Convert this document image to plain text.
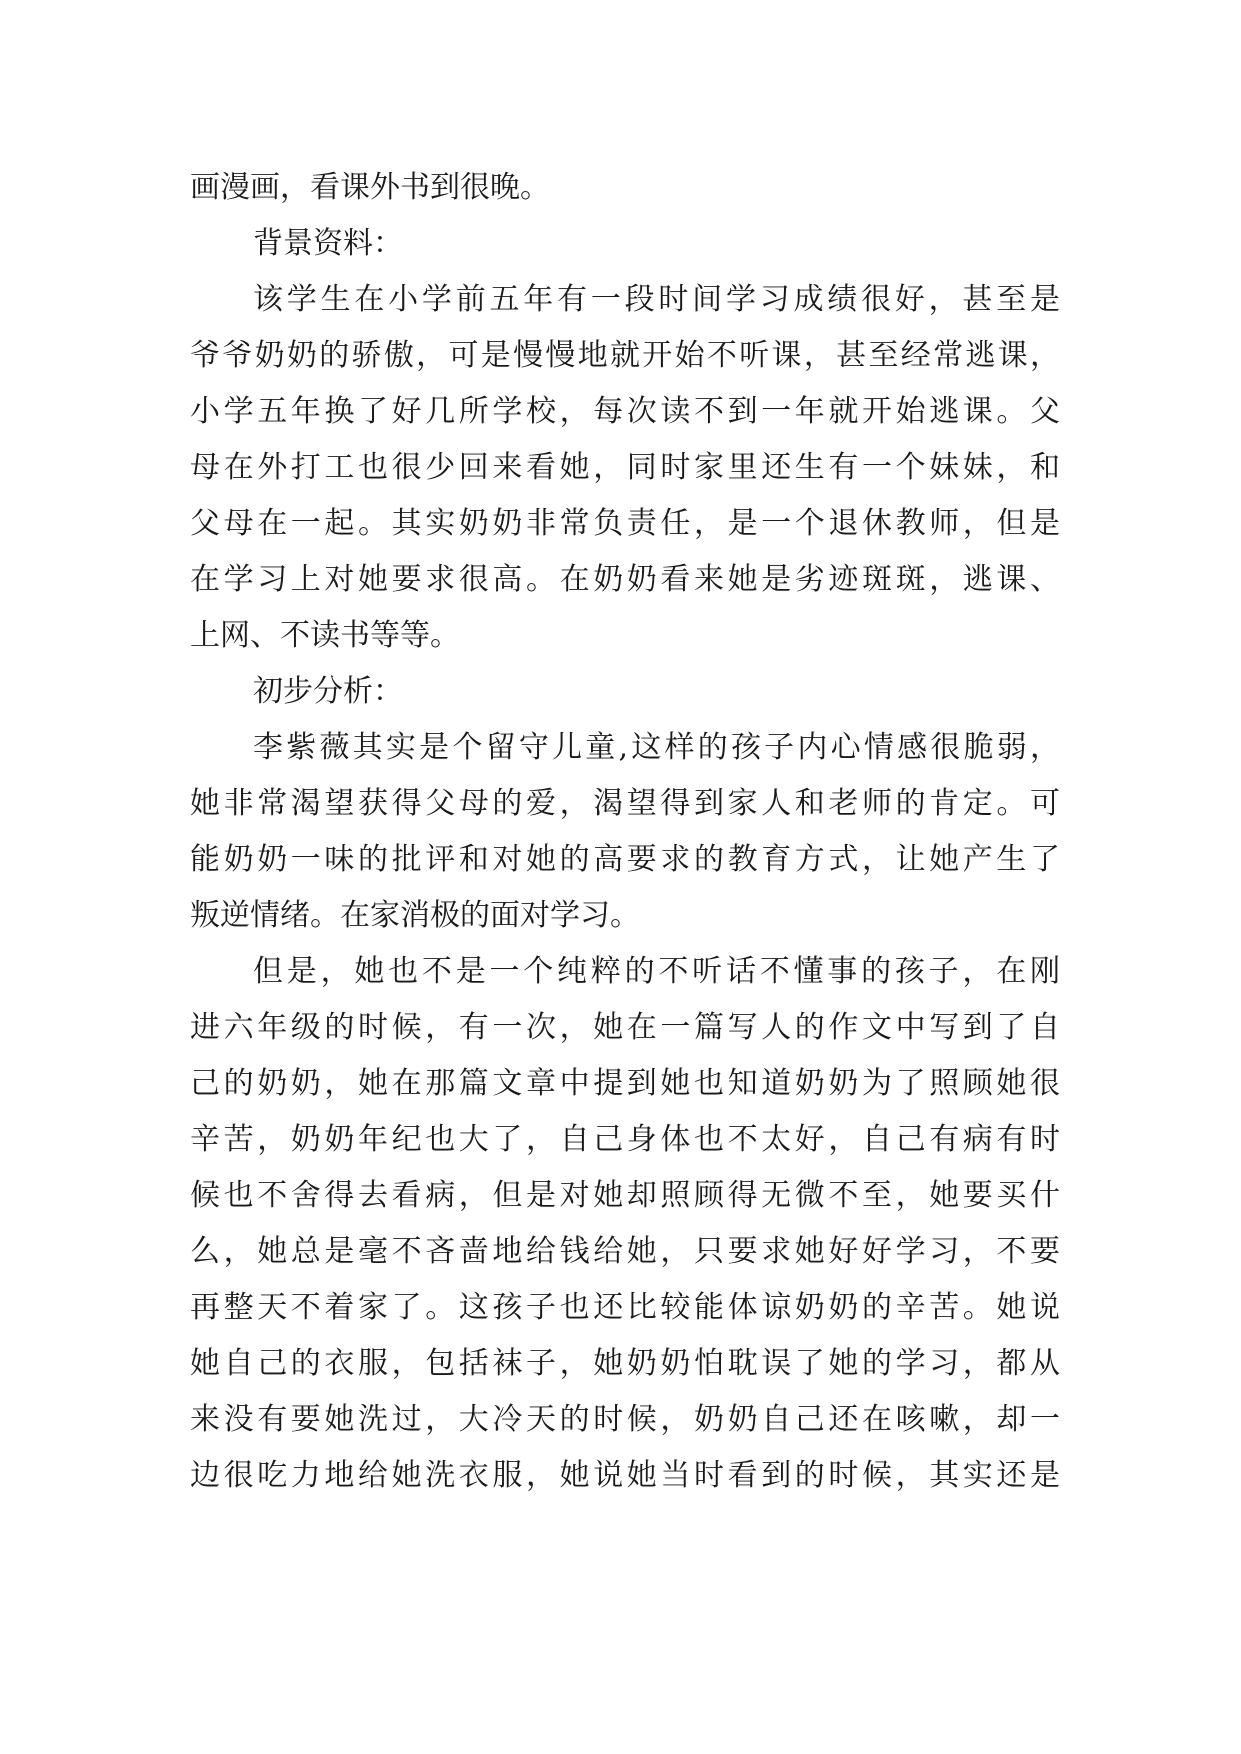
画漫画，看课外书到很晚。
背景资料：
该学生在小学前五年有一段时间学习成绩很好，甚至是
爷爷奶奶的骄傲，可是慢慢地就开始不听课，甚至经常逃课，
小学五年换了好几所学校，每次读不到一年就开始逃课。父
母在外打工也很少回来看她，同时家里还生有一个妹妹，和
父母在一起。其实奶奶非常负责任，是一个退休教师，但是
在学习上对她要求很高。在奶奶看来她是劣迹斑斑，逃课、
上网、不读书等等。
初步分析：
李紫薇其实是个留守儿童,这样的孩子内心情感很脆弱，
她非常渴望获得父母的爱，渴望得到家人和老师的肯定。可
能奶奶一味的批评和对她的高要求的教育方式，让她产生了
叛逆情绪。在家消极的面对学习。
但是，她也不是一个纯粹的不听话不懂事的孩子，在刚
进六年级的时候，有一次，她在一篇写人的作文中写到了自
己的奶奶，她在那篇文章中提到她也知道奶奶为了照顾她很
辛苦，奶奶年纪也大了，自己身体也不太好，自己有病有时
候也不舍得去看病，但是对她却照顾得无微不至，她要买什
么，她总是毫不吝啬地给钱给她，只要求她好好学习，不要
再整天不着家了。这孩子也还比较能体谅奶奶的辛苦。她说
她自己的衣服，包括袜子，她奶奶怕耽误了她的学习，都从
来没有要她洗过，大冷天的时候，奶奶自己还在咳嗽，却一
边很吃力地给她洗衣服，她说她当时看到的时候，其实还是
